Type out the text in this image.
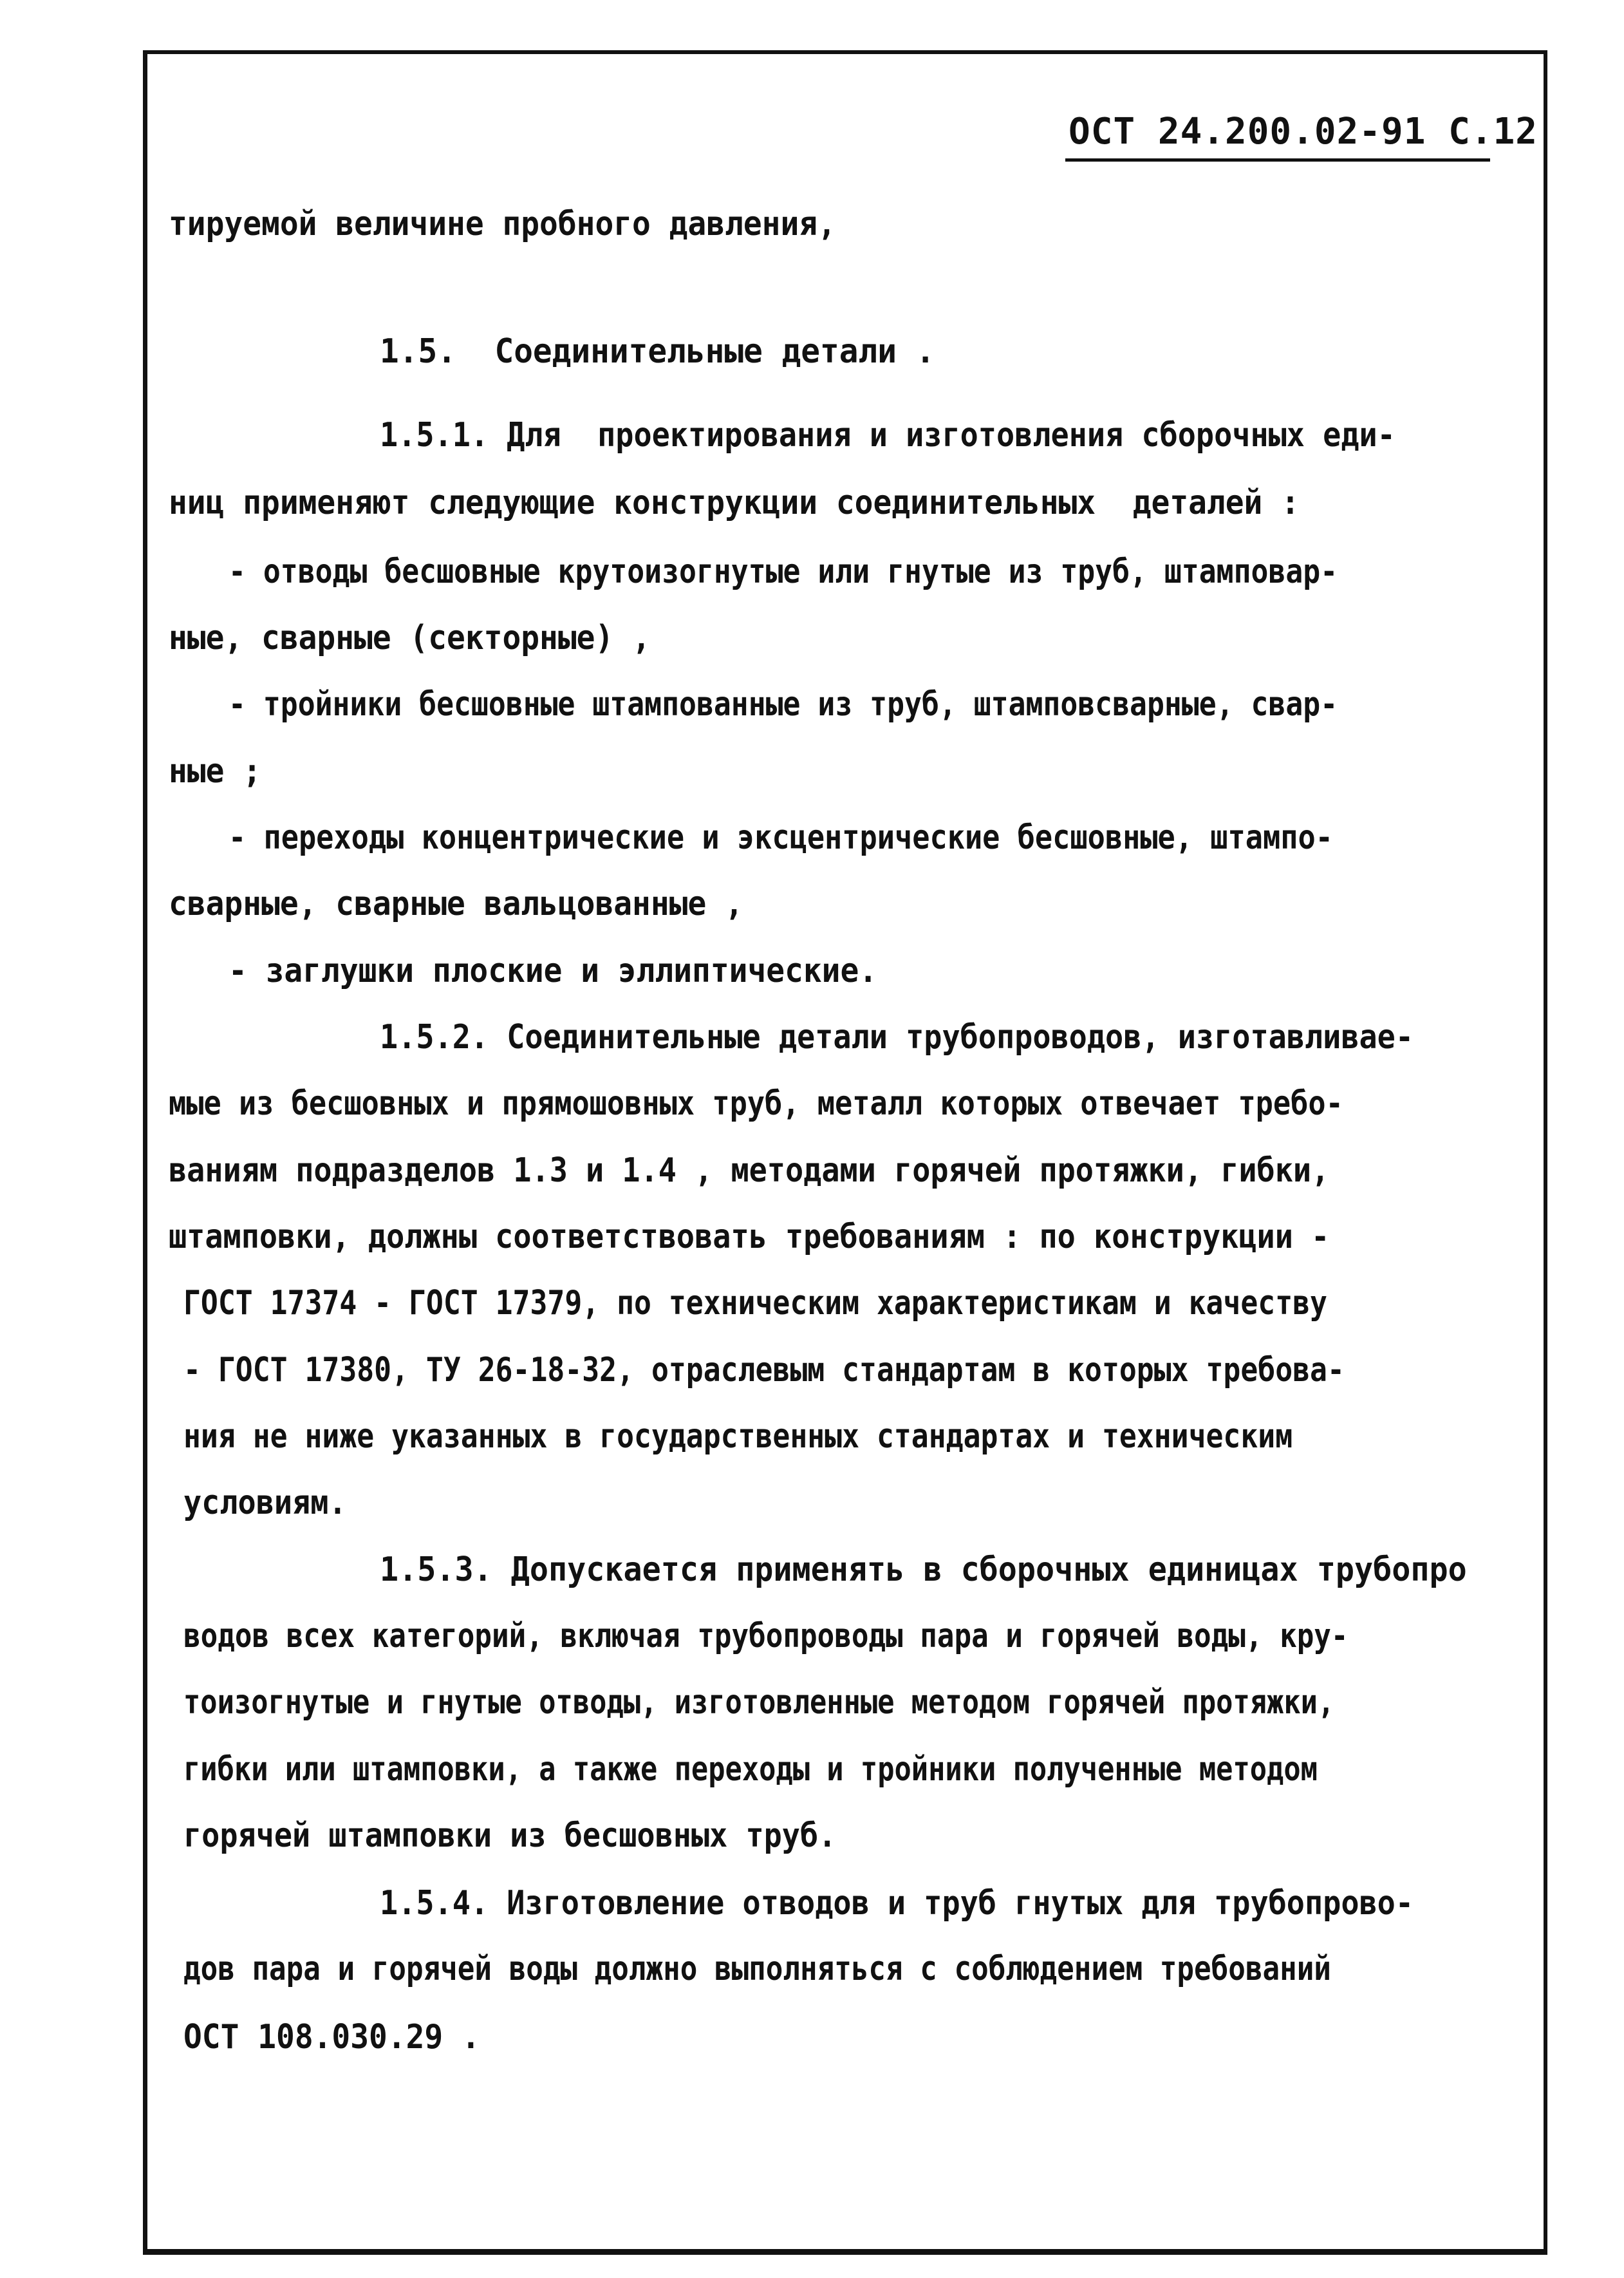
ОСТ 24.200.02-91 С.12
тируемой величине пробного давления,
1.5.  Соединительные детали .
1.5.1. Для  проектирования и изготовления сборочных еди-
ниц применяют следующие конструкции соединительных  деталей :
- отводы бесшовные крутоизогнутые или гнутые из труб, штамповар-
ные, сварные (секторные) ,
- тройники бесшовные штампованные из труб, штамповсварные, свар-
ные ;
- переходы концентрические и эксцентрические бесшовные, штампо-
сварные, сварные вальцованные ,
- заглушки плоские и эллиптические.
1.5.2. Соединительные детали трубопроводов, изготавливае-
мые из бесшовных и прямошовных труб, металл которых отвечает требо-
ваниям подразделов 1.3 и 1.4 , методами горячей протяжки, гибки,
штамповки, должны соответствовать требованиям : по конструкции -
ГОСТ 17374 - ГОСТ 17379, по техническим характеристикам и качеству
- ГОСТ 17380, ТУ 26-18-32, отраслевым стандартам в которых требова-
ния не ниже указанных в государственных стандартах и техническим
условиям.
1.5.3. Допускается применять в сборочных единицах трубопро
водов всех категорий, включая трубопроводы пара и горячей воды, кру-
тоизогнутые и гнутые отводы, изготовленные методом горячей протяжки,
гибки или штамповки, а также переходы и тройники полученные методом
горячей штамповки из бесшовных труб.
1.5.4. Изготовление отводов и труб гнутых для трубопрово-
дов пара и горячей воды должно выполняться с соблюдением требований
ОСТ 108.030.29 .
